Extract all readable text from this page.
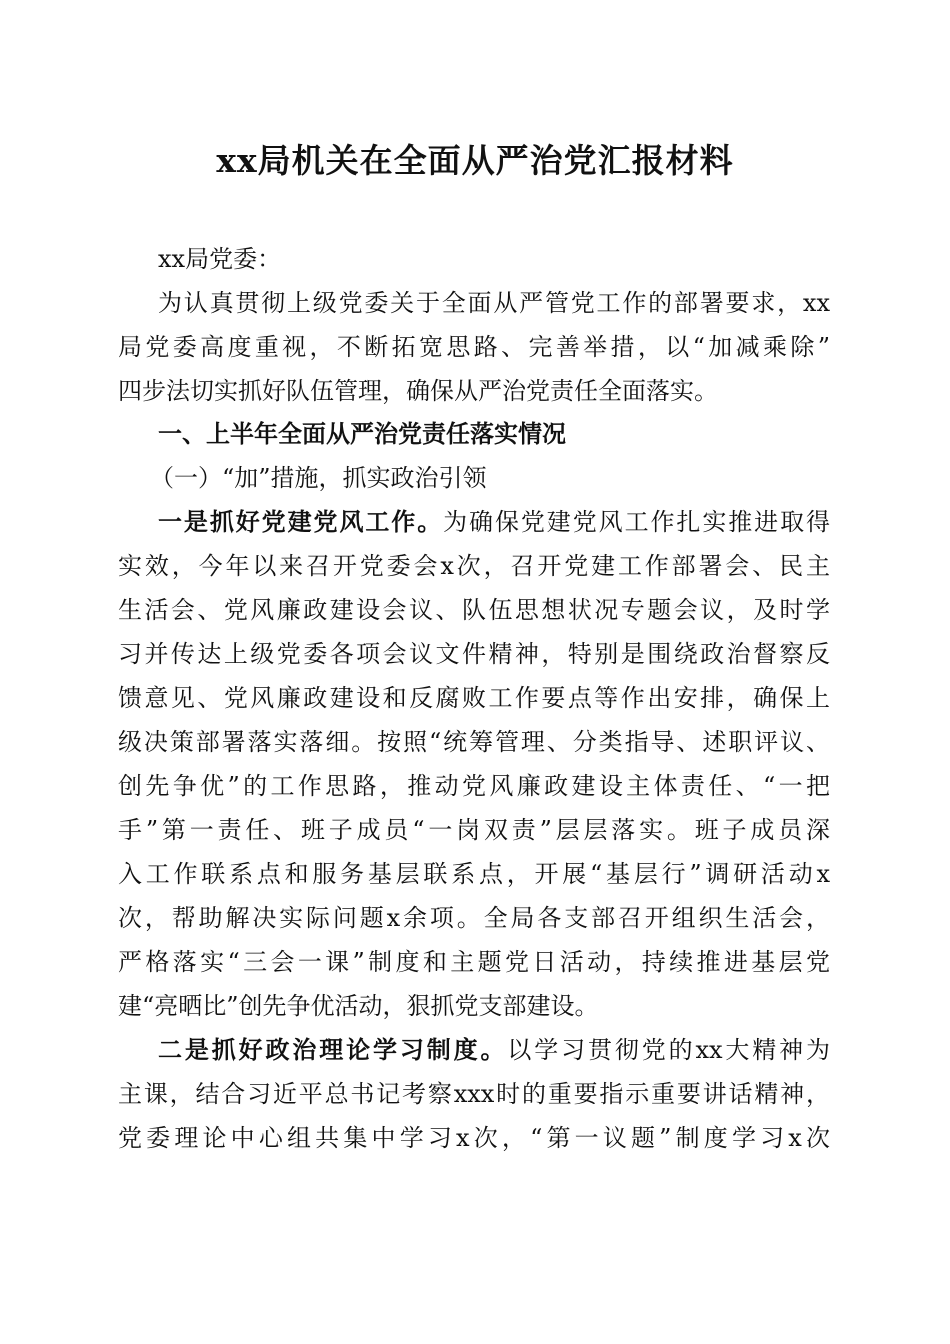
xx局机关在全面从严治党汇报材料
xx局党委：
为认真贯彻上级党委关于全面从严管党工作的部署要求，xx
局党委高度重视，不断拓宽思路、完善举措，以“加减乘除”
四步法切实抓好队伍管理，确保从严治党责任全面落实。
一、上半年全面从严治党责任落实情况
（一）“加”措施，抓实政治引领
一是抓好党建党风工作。为确保党建党风工作扎实推进取得
实效，今年以来召开党委会x次，召开党建工作部署会、民主
生活会、党风廉政建设会议、队伍思想状况专题会议，及时学
习并传达上级党委各项会议文件精神，特别是围绕政治督察反
馈意见、党风廉政建设和反腐败工作要点等作出安排，确保上
级决策部署落实落细。按照“统筹管理、分类指导、述职评议、
创先争优”的工作思路，推动党风廉政建设主体责任、“一把
手”第一责任、班子成员“一岗双责”层层落实。班子成员深
入工作联系点和服务基层联系点，开展“基层行”调研活动x
次，帮助解决实际问题x余项。全局各支部召开组织生活会，
严格落实“三会一课”制度和主题党日活动，持续推进基层党
建“亮晒比”创先争优活动，狠抓党支部建设。
二是抓好政治理论学习制度。以学习贯彻党的xx大精神为
主课，结合习近平总书记考察xxx时的重要指示重要讲话精神，
党委理论中心组共集中学习x次，“第一议题”制度学习x次
